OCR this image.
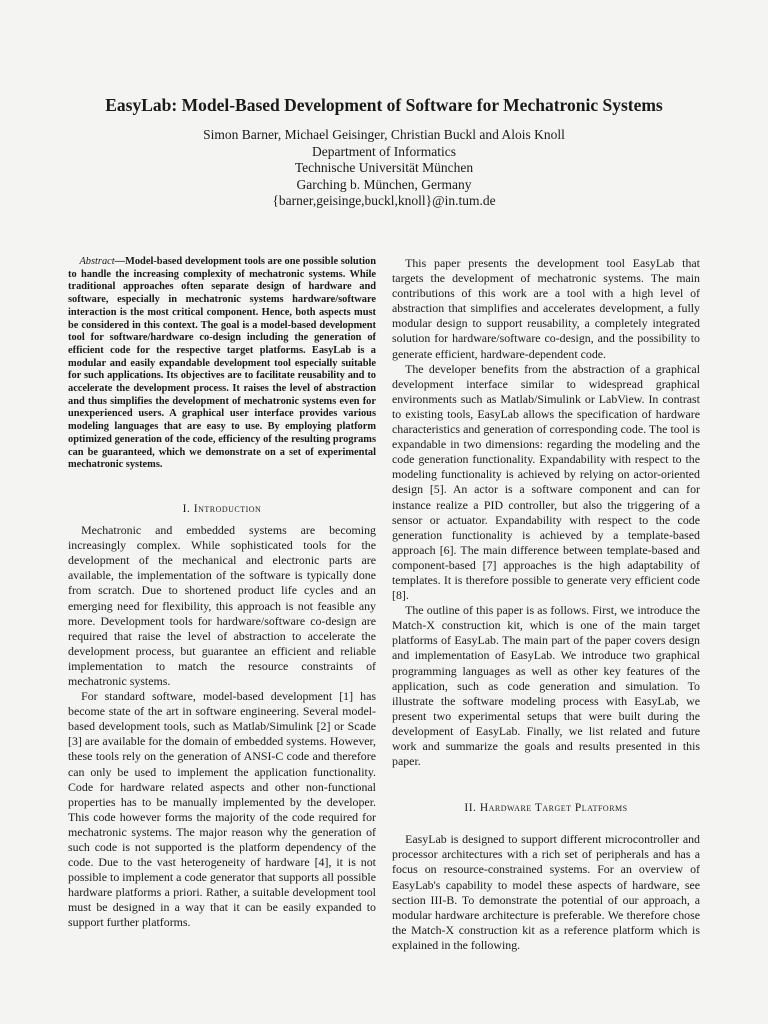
EasyLab: Model-Based Development of Software for Mechatronic Systems
Simon Barner, Michael Geisinger, Christian Buckl and Alois Knoll
Department of Informatics
Technische Universität München
Garching b. München, Germany
{barner,geisinge,buckl,knoll}@in.tum.de

Abstract—Model-based development tools are one possible solution to handle the increasing complexity of mechatronic systems. While traditional approaches often separate design of hardware and software, especially in mechatronic systems hardware/software interaction is the most critical component. Hence, both aspects must be considered in this context. The goal is a model-based development tool for software/hardware co-design including the generation of efficient code for the respective target platforms. EasyLab is a modular and easily expandable development tool especially suitable for such applications. Its objectives are to facilitate reusability and to accelerate the development process. It raises the level of abstraction and thus simplifies the development of mechatronic systems even for unexperienced users. A graphical user interface provides various modeling languages that are easy to use. By employing platform optimized generation of the code, efficiency of the resulting programs can be guaranteed, which we demonstrate on a set of experimental mechatronic systems.

I. Introduction

Mechatronic and embedded systems are becoming increasingly complex. While sophisticated tools for the development of the mechanical and electronic parts are available, the implementation of the software is typically done from scratch. Due to shortened product life cycles and an emerging need for flexibility, this approach is not feasible any more. Development tools for hardware/software co-design are required that raise the level of abstraction to accelerate the development process, but guarantee an efficient and reliable implementation to match the resource constraints of mechatronic systems.

For standard software, model-based development [1] has become state of the art in software engineering. Several model-based development tools, such as Matlab/Simulink [2] or Scade [3] are available for the domain of embedded systems. However, these tools rely on the generation of ANSI-C code and therefore can only be used to implement the application functionality. Code for hardware related aspects and other non-functional properties has to be manually implemented by the developer. This code however forms the majority of the code required for mechatronic systems. The major reason why the generation of such code is not supported is the platform dependency of the code. Due to the vast heterogeneity of hardware [4], it is not possible to implement a code generator that supports all possible hardware platforms a priori. Rather, a suitable development tool must be designed in a way that it can be easily expanded to support further platforms.

This paper presents the development tool EasyLab that targets the development of mechatronic systems. The main contributions of this work are a tool with a high level of abstraction that simplifies and accelerates development, a fully modular design to support reusability, a completely integrated solution for hardware/software co-design, and the possibility to generate efficient, hardware-dependent code.

The developer benefits from the abstraction of a graphical development interface similar to widespread graphical environments such as Matlab/Simulink or LabView. In contrast to existing tools, EasyLab allows the specification of hardware characteristics and generation of corresponding code. The tool is expandable in two dimensions: regarding the modeling and the code generation functionality. Expandability with respect to the modeling functionality is achieved by relying on actor-oriented design [5]. An actor is a software component and can for instance realize a PID controller, but also the triggering of a sensor or actuator. Expandability with respect to the code generation functionality is achieved by a template-based approach [6]. The main difference between template-based and component-based [7] approaches is the high adaptability of templates. It is therefore possible to generate very efficient code [8].

The outline of this paper is as follows. First, we introduce the Match-X construction kit, which is one of the main target platforms of EasyLab. The main part of the paper covers design and implementation of EasyLab. We introduce two graphical programming languages as well as other key features of the application, such as code generation and simulation. To illustrate the software modeling process with EasyLab, we present two experimental setups that were built during the development of EasyLab. Finally, we list related and future work and summarize the goals and results presented in this paper.

II. Hardware Target Platforms

EasyLab is designed to support different microcontroller and processor architectures with a rich set of peripherals and has a focus on resource-constrained systems. For an overview of EasyLab's capability to model these aspects of hardware, see section III-B. To demonstrate the potential of our approach, a modular hardware architecture is preferable. We therefore chose the Match-X construction kit as a reference platform which is explained in the following.
